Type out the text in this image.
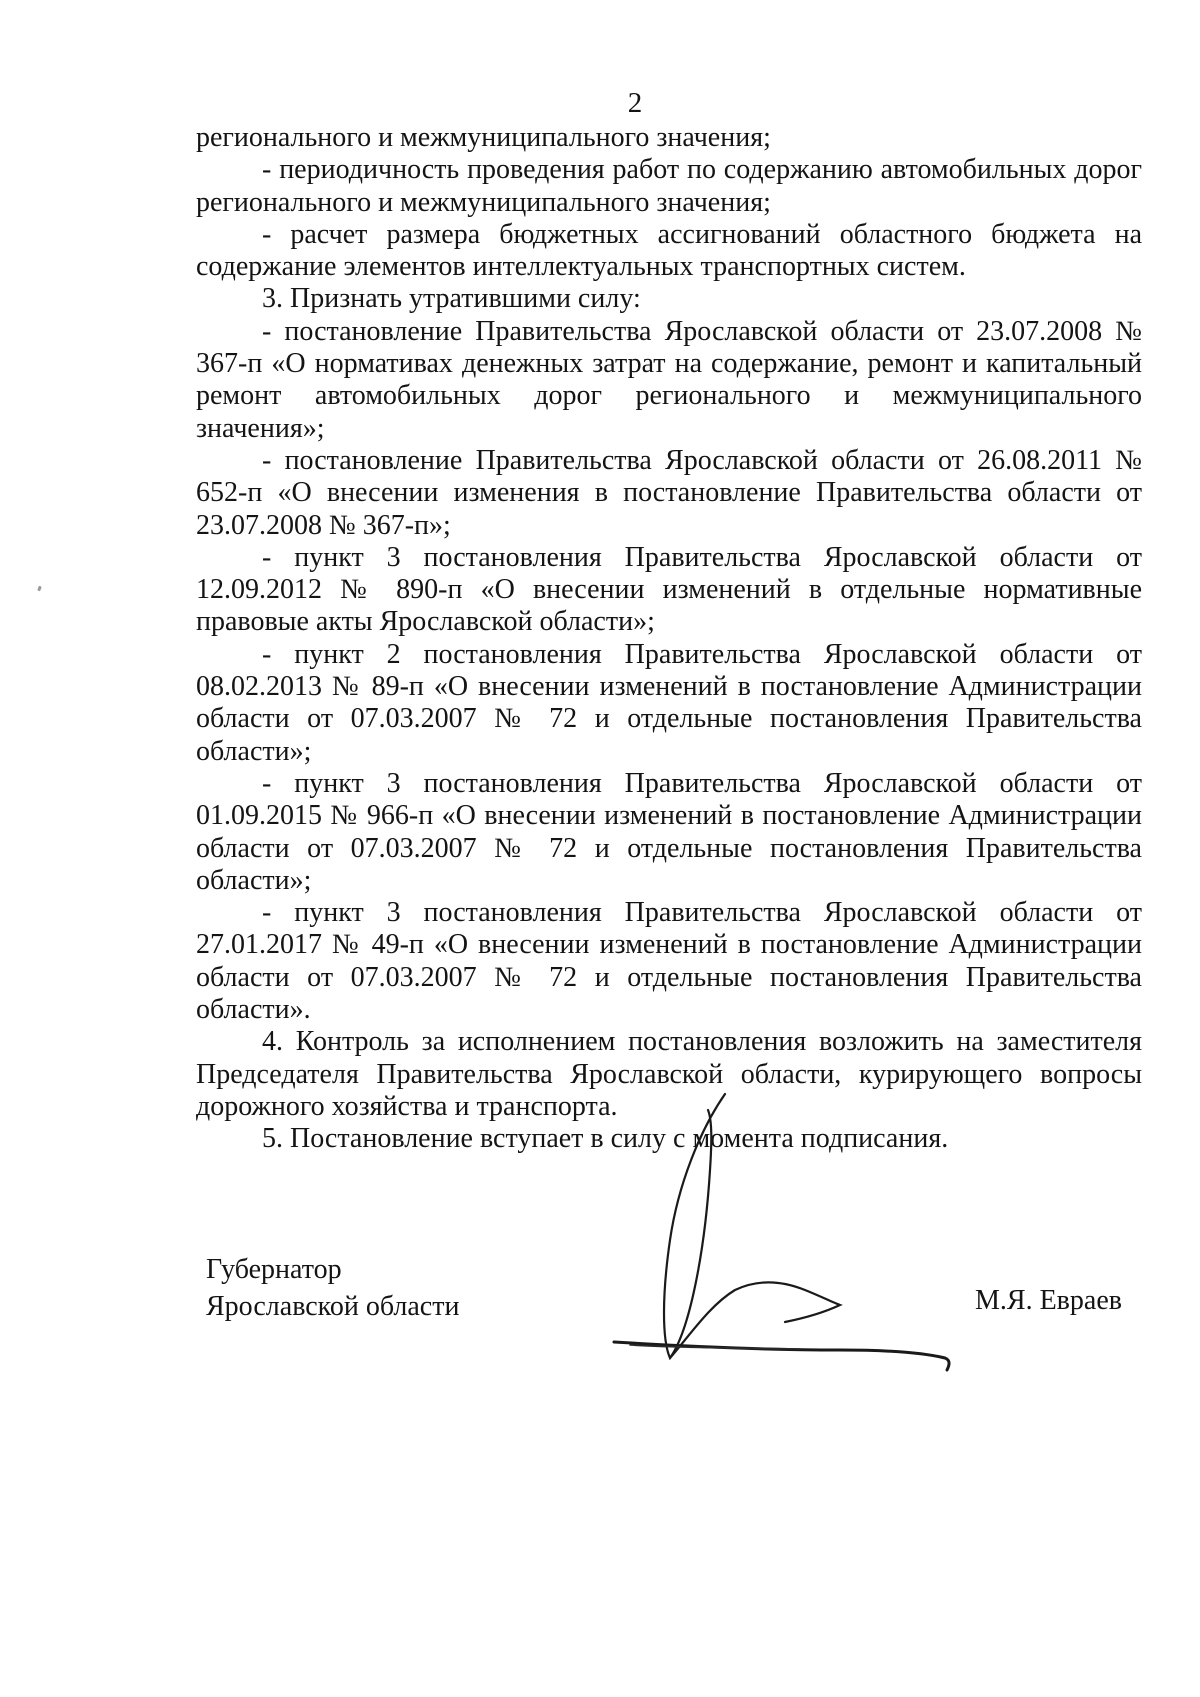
2

регионального и межмуниципального значения;

- периодичность проведения работ по содержанию автомобильных дорог регионального и межмуниципального значения;

- расчет размера бюджетных ассигнований областного бюджета на содержание элементов интеллектуальных транспортных систем.

3. Признать утратившими силу:

- постановление Правительства Ярославской области от 23.07.2008 № 367-п «О нормативах денежных затрат на содержание, ремонт и капитальный ремонт автомобильных дорог регионального и межмуниципального значения»;

- постановление Правительства Ярославской области от 26.08.2011 № 652-п «О внесении изменения в постановление Правительства области от 23.07.2008 № 367-п»;

- пункт 3 постановления Правительства Ярославской области от 12.09.2012 № 890-п «О внесении изменений в отдельные нормативные правовые акты Ярославской области»;

- пункт 2 постановления Правительства Ярославской области от 08.02.2013 № 89-п «О внесении изменений в постановление Администрации области от 07.03.2007 № 72 и отдельные постановления Правительства области»;

- пункт 3 постановления Правительства Ярославской области от 01.09.2015 № 966-п «О внесении изменений в постановление Администрации области от 07.03.2007 № 72 и отдельные постановления Правительства области»;

- пункт 3 постановления Правительства Ярославской области от 27.01.2017 № 49-п «О внесении изменений в постановление Администрации области от 07.03.2007 № 72 и отдельные постановления Правительства области».

4. Контроль за исполнением постановления возложить на заместителя Председателя Правительства Ярославской области, курирующего вопросы дорожного хозяйства и транспорта.

5. Постановление вступает в силу с момента подписания.

Губернатор
Ярославской области	М.Я. Евраев
